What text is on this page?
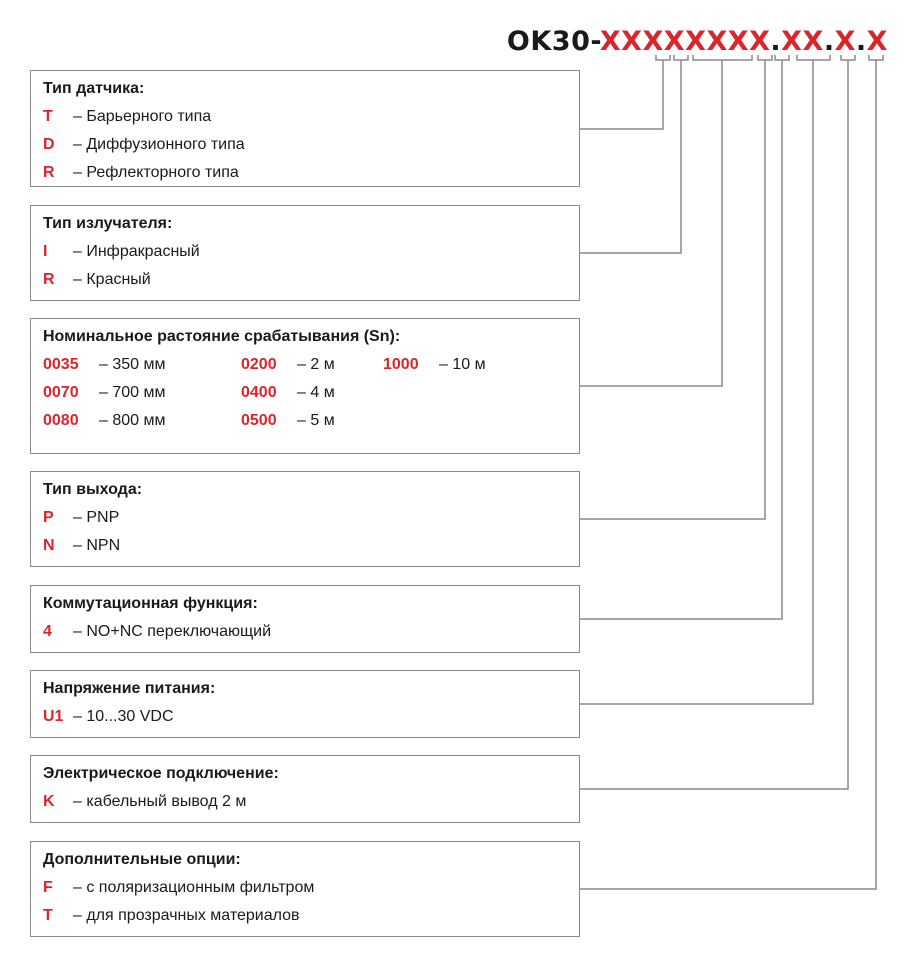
OK30-XXXXXXXX.XX.X.X
Тип датчика:
T – Барьерного типа
D – Диффузионного типа
R – Рефлекторного типа
Тип излучателя:
I – Инфракрасный
R – Красный
Номинальное растояние срабатывания (Sn):
0035 – 350 мм	0200 – 2 м	1000 – 10 м
0070 – 700 мм	0400 – 4 м
0080 – 800 мм	0500 – 5 м
Тип выхода:
P – PNP
N – NPN
Коммутационная функция:
4 – NO+NC переключающий
Напряжение питания:
U1 – 10...30 VDC
Электрическое подключение:
K – кабельный вывод 2 м
Дополнительные опции:
F – с поляризационным фильтром
T – для прозрачных материалов
